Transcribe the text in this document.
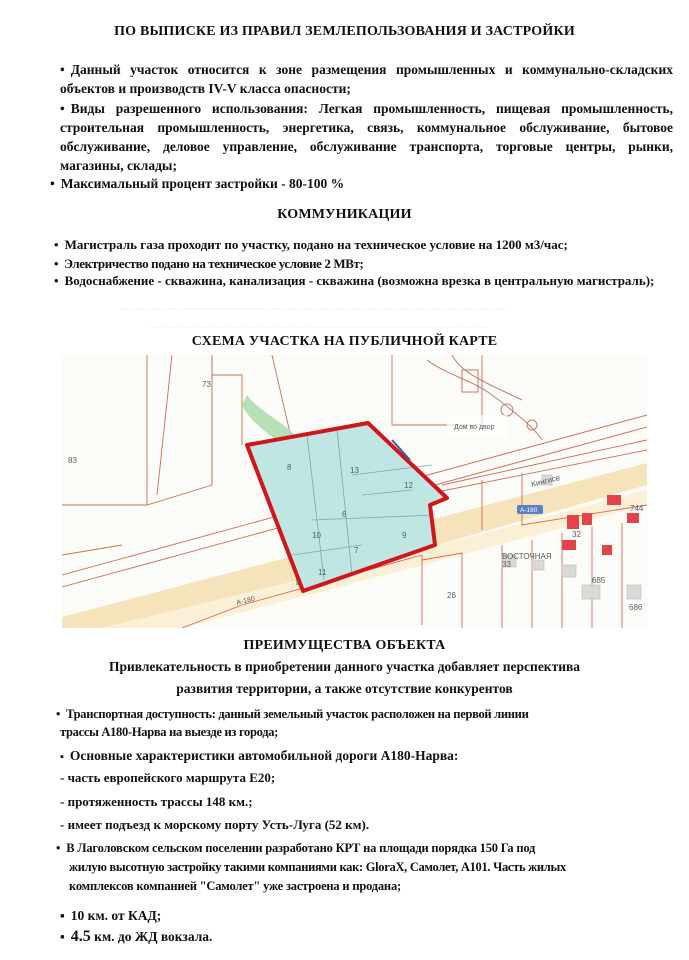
— — — — — — — — — — — — — — — — — — — — — — — —
— — — — — — — — — — — — — — — — — — — — —
ПО ВЫПИСКЕ ИЗ ПРАВИЛ ЗЕМЛЕПОЛЬЗОВАНИЯ И ЗАСТРОЙКИ
• Данный участок относится к зоне размещения промышленных и коммунально-складских объектов и производств IV-V класса опасности;
• Виды разрешенного использования: Легкая промышленность, пищевая промышленность, строительная промышленность, энергетика, связь, коммунальное обслуживание, бытовое обслуживание, деловое управление, обслуживание транспорта, торговые центры, рынки, магазины, склады;
• Максимальный процент застройки - 80-100 %
КОММУНИКАЦИИ
• Магистраль газа проходит по участку, подано на техническое условие на 1200 м3/час;
• Электричество подано на техническое условие 2 МВт;
• Водоснабжение - скважина, канализация - скважина (возможна врезка в центральную магистраль);
СХЕМА УЧАСТКА НА ПУБЛИЧНОЙ КАРТЕ
73
83
8	13
12
6
10
7
9
11
33
26
32
744
685
686
Кингисе
ВОСТОЧНАЯ
Дом во двор
А-180
А-180
ПРЕИМУЩЕСТВА ОБЪЕКТА
Привлекательность в приобретении данного участка добавляет перспектива
развития территории, а также отсутствие конкурентов
• Транспортная доступность: данный земельный участок расположен на первой линии
трассы А180-Нарва на выезде из города;
▪ Основные характеристики автомобильной дороги А180-Нарва:
- часть европейского маршрута Е20;
- протяженность трассы 148 км.;
- имеет подъезд к морскому порту Усть-Луга (52 км).
• В Лаголовском сельском поселении разработано КРТ на площади порядка 150 Га под
жилую высотную застройку такими компаниями как: GloraX, Самолет, А101. Часть жилых
комплексов компанией "Самолет" уже застроена и продана;
▪ 10 км. от КАД;
▪ 4.5 км. до ЖД вокзала.
